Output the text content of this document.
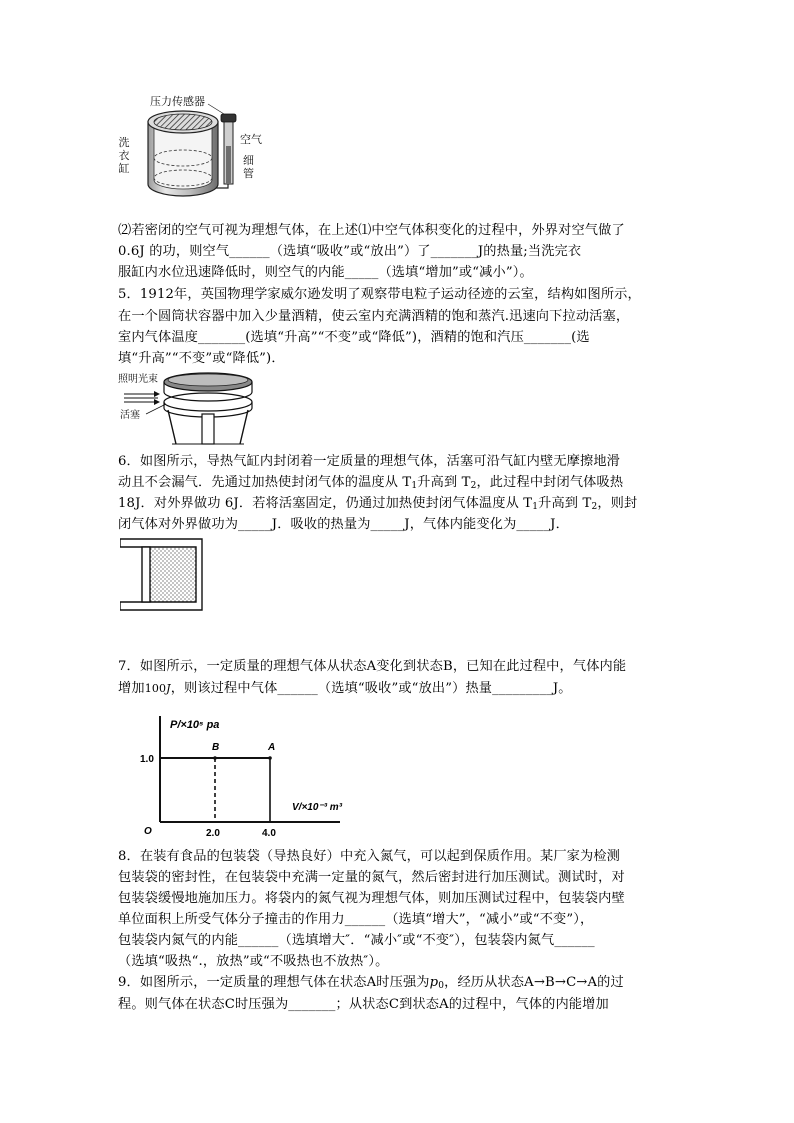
压力传感器
洗
衣
缸
空气
细
管
⑵若密闭的空气可视为理想气体，在上述⑴中空气体积变化的过程中，外界对空气做了
0.6J 的功，则空气______（选填“吸收”或“放出”）了_______J的热量;当洗完衣
服缸内水位迅速降低时，则空气的内能_____（选填“增加”或“减小”）。
5．1912年，英国物理学家威尔逊发明了观察带电粒子运动径迹的云室，结构如图所示，
在一个圆筒状容器中加入少量酒精，使云室内充满酒精的饱和蒸汽.迅速向下拉动活塞，
室内气体温度_______(选填“升高”“不变”或“降低”)，酒精的饱和汽压_______(选
填“升高”“不变”或“降低”)．
照明光束
活塞
6．如图所示，导热气缸内封闭着一定质量的理想气体，活塞可沿气缸内壁无摩擦地滑
动且不会漏气．先通过加热使封闭气体的温度从 $T_1$升高到 $T_2$，此过程中封闭气体吸热
18J．对外界做功 6J．若将活塞固定，仍通过加热使封闭气体温度从 $T_1$升高到 $T_2$，则封
闭气体对外界做功为_____J．吸收的热量为_____J，气体内能变化为_____J．
7．如图所示，一定质量的理想气体从状态A变化到状态B，已知在此过程中，气体内能
增加100J，则该过程中气体______（选填“吸收”或“放出”）热量_________J。
P/×10⁵ pa
V/×10⁻³ m³
1.0
O	2.0	4.0
B	A
8．在装有食品的包装袋（导热良好）中充入氮气，可以起到保质作用。某厂家为检测
包装袋的密封性，在包装袋中充满一定量的氮气，然后密封进行加压测试。测试时，对
包装袋缓慢地施加压力。将袋内的氮气视为理想气体，则加压测试过程中，包装袋内壁
单位面积上所受气体分子撞击的作用力______（选填“增大”，“减小”或“不变”），
包装袋内氮气的内能______（选填增大″．“减小″或“不变″），包装袋内氮气______
（选填“吸热“.，放热”或“不吸热也不放热″）。
9．如图所示，一定质量的理想气体在状态A时压强为$p_0$，经历从状态A→B→C→A的过
程。则气体在状态C时压强为_______；从状态C到状态A的过程中，气体的内能增加
